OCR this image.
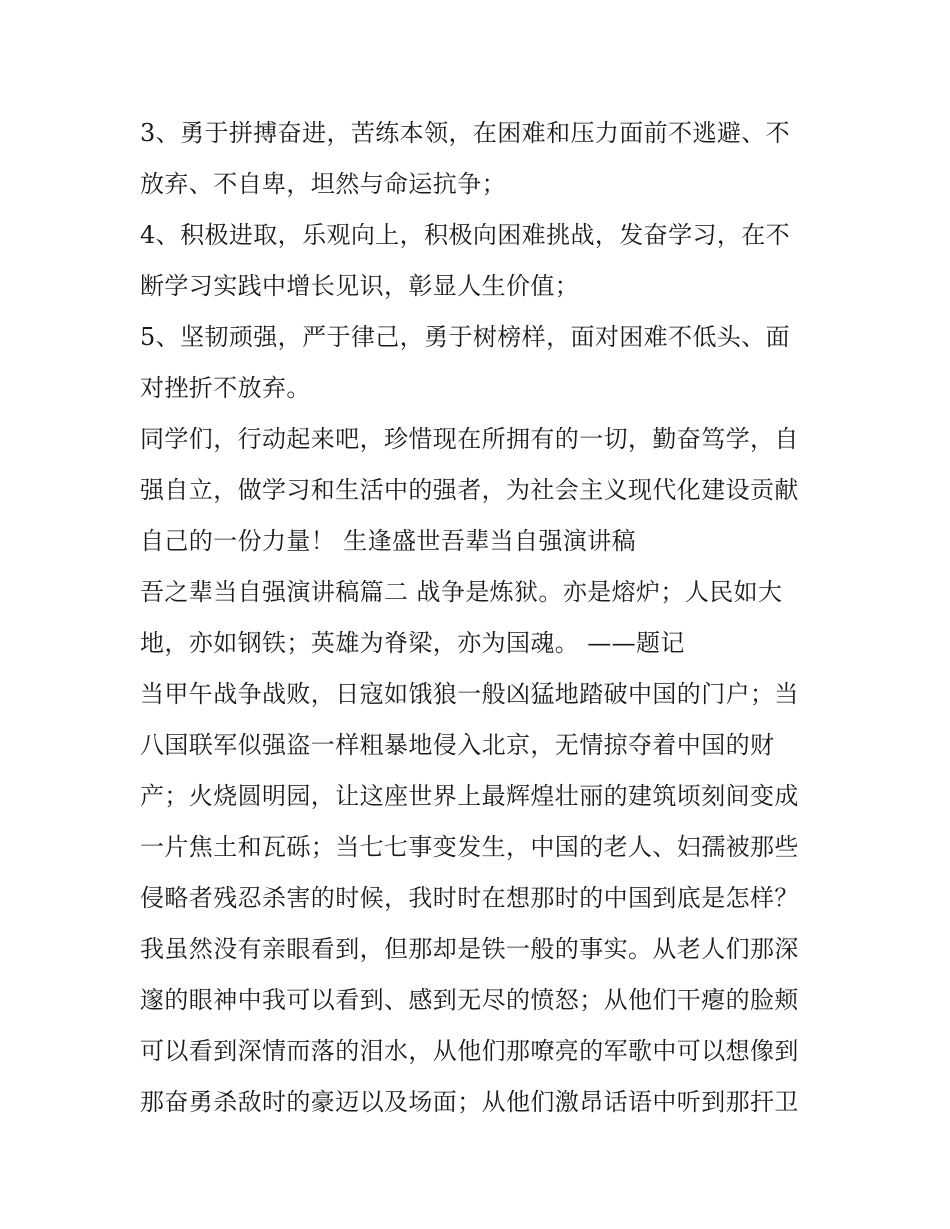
3、勇于拼搏奋进，苦练本领，在困难和压力面前不逃避、不
放弃、不自卑，坦然与命运抗争；
4、积极进取，乐观向上，积极向困难挑战，发奋学习，在不
断学习实践中增长见识，彰显人生价值；
5、坚韧顽强，严于律己，勇于树榜样，面对困难不低头、面
对挫折不放弃。
同学们，行动起来吧，珍惜现在所拥有的一切，勤奋笃学，自
强自立，做学习和生活中的强者，为社会主义现代化建设贡献
自己的一份力量！ 生逢盛世吾辈当自强演讲稿
吾之辈当自强演讲稿篇二 战争是炼狱。亦是熔炉；人民如大
地，亦如钢铁；英雄为脊梁，亦为国魂。 ——题记
当甲午战争战败，日寇如饿狼一般凶猛地踏破中国的门户；当
八国联军似强盗一样粗暴地侵入北京，无情掠夺着中国的财
产；火烧圆明园，让这座世界上最辉煌壮丽的建筑顷刻间变成
一片焦土和瓦砾；当七七事变发生，中国的老人、妇孺被那些
侵略者残忍杀害的时候，我时时在想那时的中国到底是怎样？
我虽然没有亲眼看到，但那却是铁一般的事实。从老人们那深
邃的眼神中我可以看到、感到无尽的愤怒；从他们干瘪的脸颊
可以看到深情而落的泪水，从他们那嘹亮的军歌中可以想像到
那奋勇杀敌时的豪迈以及场面；从他们激昂话语中听到那扞卫
